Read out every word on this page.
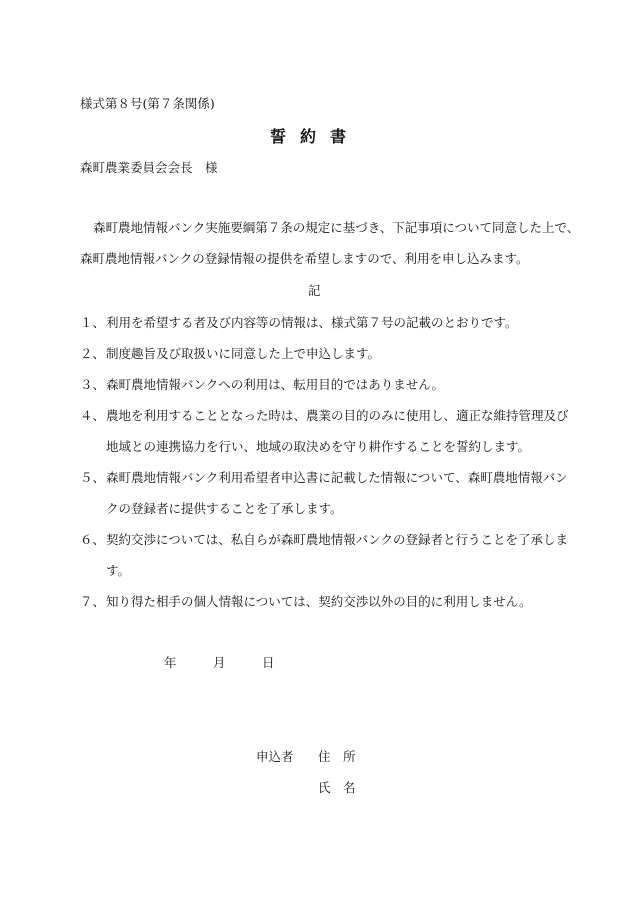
様式第８号(第７条関係)
誓約書
森町農業委員会会長　様
森町農地情報バンク実施要綱第７条の規定に基づき、下記事項について同意した上で、
森町農地情報バンクの登録情報の提供を希望しますので、利用を申し込みます。
記
１、利用を希望する者及び内容等の情報は、様式第７号の記載のとおりです。
２、制度趣旨及び取扱いに同意した上で申込します。
３、森町農地情報バンクへの利用は、転用目的ではありません。
４、農地を利用することとなった時は、農業の目的のみに使用し、適正な維持管理及び
地域との連携協力を行い、地域の取決めを守り耕作することを誓約します。
５、森町農地情報バンク利用希望者申込書に記載した情報について、森町農地情報バン
クの登録者に提供することを了承します。
６、契約交渉については、私自らが森町農地情報バンクの登録者と行うことを了承しま
す。
７、知り得た相手の個人情報については、契約交渉以外の目的に利用しません。
年	月	日
申込者 住　所
氏　名
